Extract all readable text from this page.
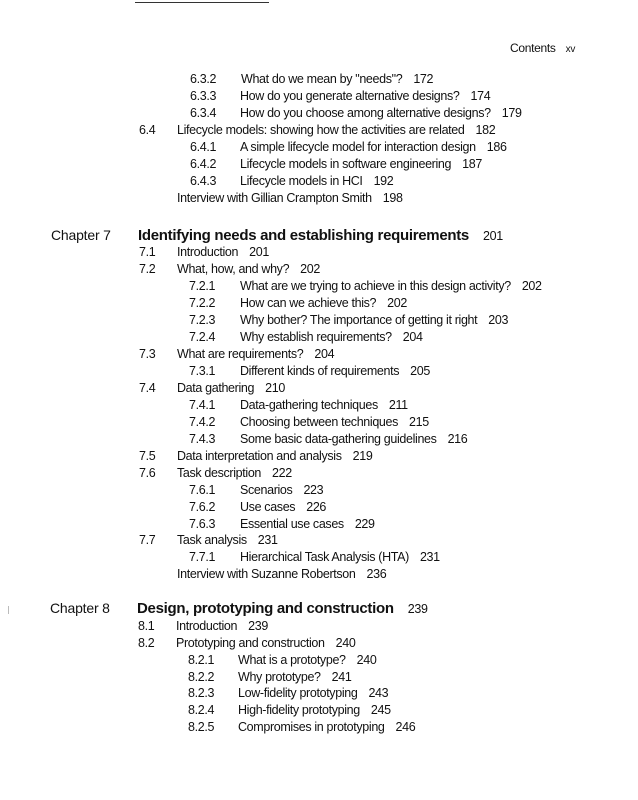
Contents xv
6.3.2 What do we mean by "needs"? 172
6.3.3 How do you generate alternative designs? 174
6.3.4 How do you choose among alternative designs? 179
6.4 Lifecycle models: showing how the activities are related 182
6.4.1 A simple lifecycle model for interaction design 186
6.4.2 Lifecycle models in software engineering 187
6.4.3 Lifecycle models in HCI 192
Interview with Gillian Crampton Smith 198
Chapter 7 Identifying needs and establishing requirements 201
7.1 Introduction 201
7.2 What, how, and why? 202
7.2.1 What are we trying to achieve in this design activity? 202
7.2.2 How can we achieve this? 202
7.2.3 Why bother? The importance of getting it right 203
7.2.4 Why establish requirements? 204
7.3 What are requirements? 204
7.3.1 Different kinds of requirements 205
7.4 Data gathering 210
7.4.1 Data-gathering techniques 211
7.4.2 Choosing between techniques 215
7.4.3 Some basic data-gathering guidelines 216
7.5 Data interpretation and analysis 219
7.6 Task description 222
7.6.1 Scenarios 223
7.6.2 Use cases 226
7.6.3 Essential use cases 229
7.7 Task analysis 231
7.7.1 Hierarchical Task Analysis (HTA) 231
Interview with Suzanne Robertson 236
Chapter 8 Design, prototyping and construction 239
8.1 Introduction 239
8.2 Prototyping and construction 240
8.2.1 What is a prototype? 240
8.2.2 Why prototype? 241
8.2.3 Low-fidelity prototyping 243
8.2.4 High-fidelity prototyping 245
8.2.5 Compromises in prototyping 246
